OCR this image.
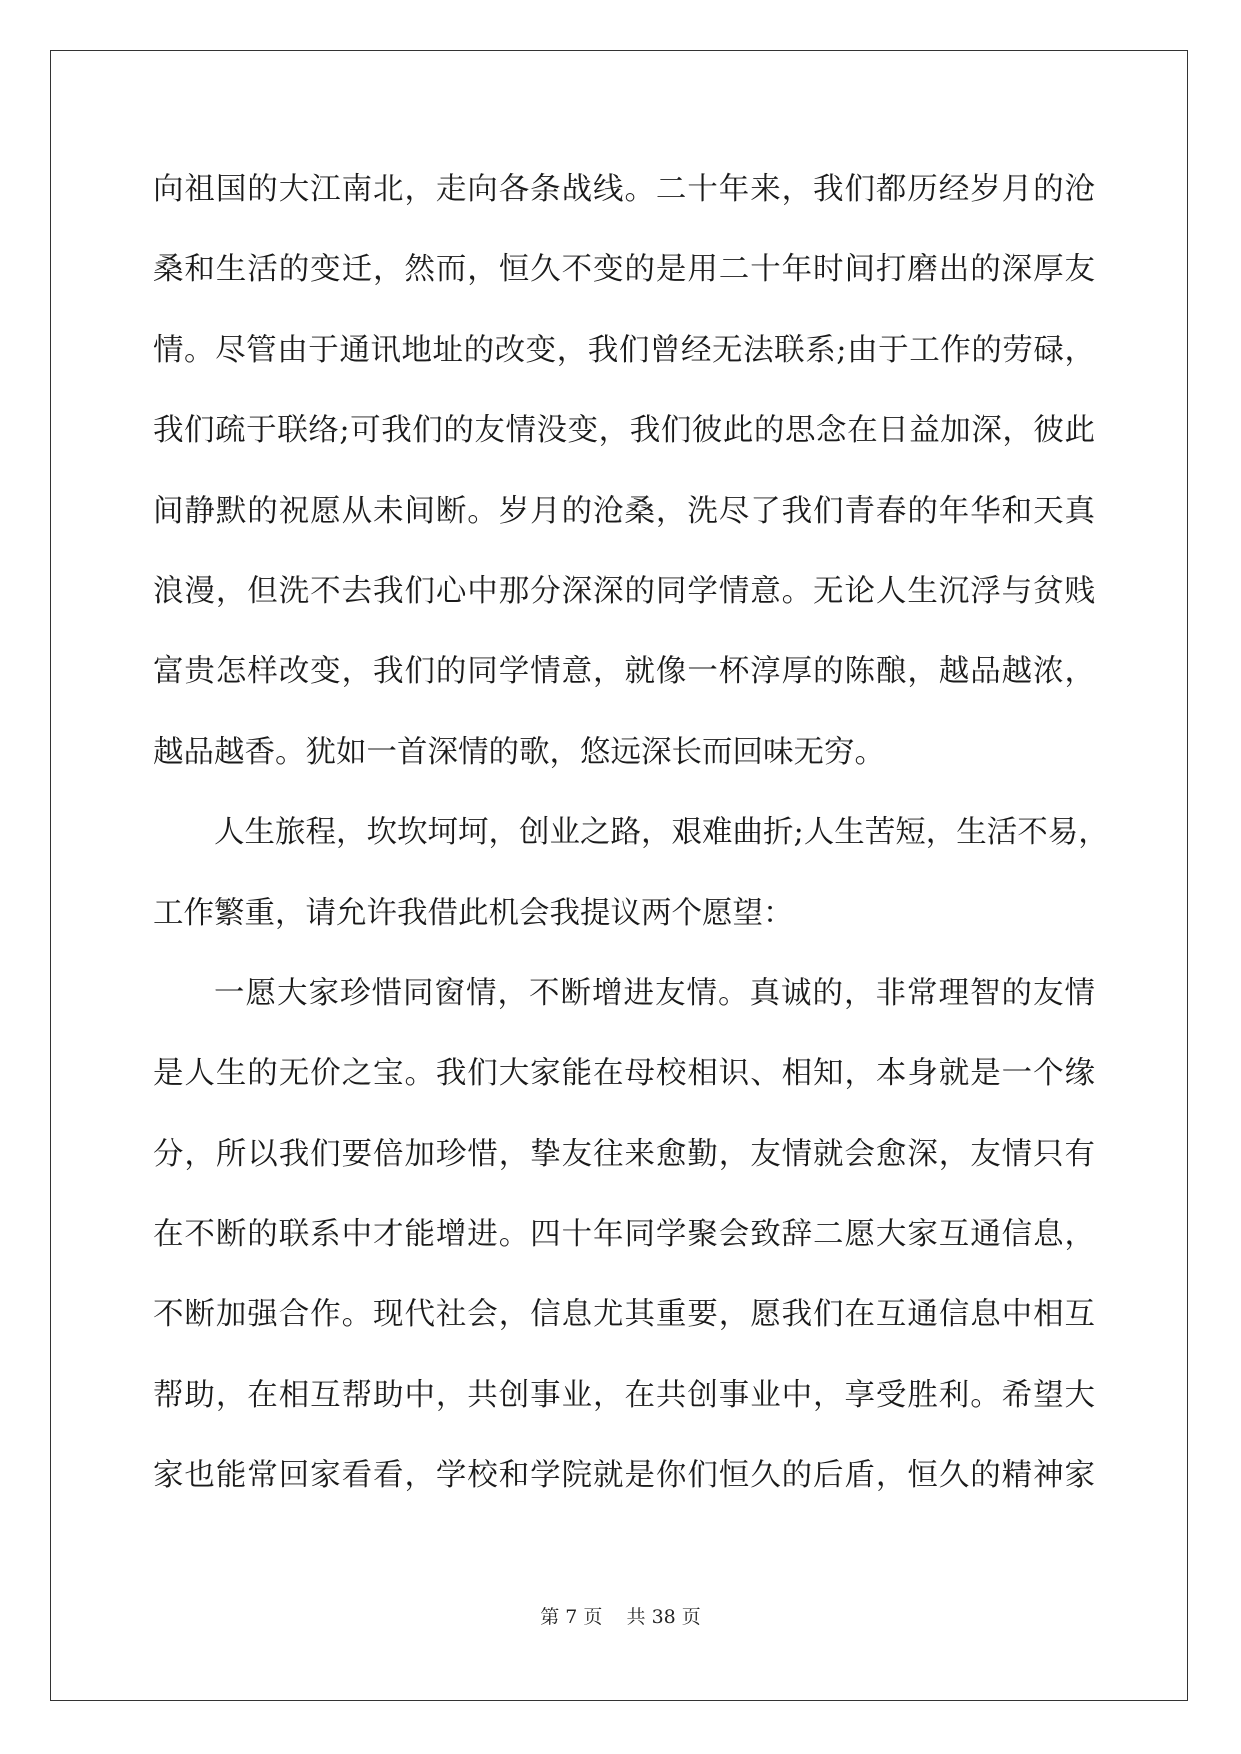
向祖国的大江南北，走向各条战线。二十年来，我们都历经岁月的沧
桑和生活的变迁，然而，恒久不变的是用二十年时间打磨出的深厚友
情。尽管由于通讯地址的改变，我们曾经无法联系;由于工作的劳碌，
我们疏于联络;可我们的友情没变，我们彼此的思念在日益加深，彼此
间静默的祝愿从未间断。岁月的沧桑，洗尽了我们青春的年华和天真
浪漫，但洗不去我们心中那分深深的同学情意。无论人生沉浮与贫贱
富贵怎样改变，我们的同学情意，就像一杯淳厚的陈酿，越品越浓，
越品越香。犹如一首深情的歌，悠远深长而回味无穷。
人生旅程，坎坎坷坷，创业之路，艰难曲折;人生苦短，生活不易，
工作繁重，请允许我借此机会我提议两个愿望：
一愿大家珍惜同窗情，不断增进友情。真诚的，非常理智的友情
是人生的无价之宝。我们大家能在母校相识、相知，本身就是一个缘
分，所以我们要倍加珍惜，挚友往来愈勤，友情就会愈深，友情只有
在不断的联系中才能增进。四十年同学聚会致辞二愿大家互通信息，
不断加强合作。现代社会，信息尤其重要，愿我们在互通信息中相互
帮助，在相互帮助中，共创事业，在共创事业中，享受胜利。希望大
家也能常回家看看，学校和学院就是你们恒久的后盾，恒久的精神家
第 7 页 共 38 页
